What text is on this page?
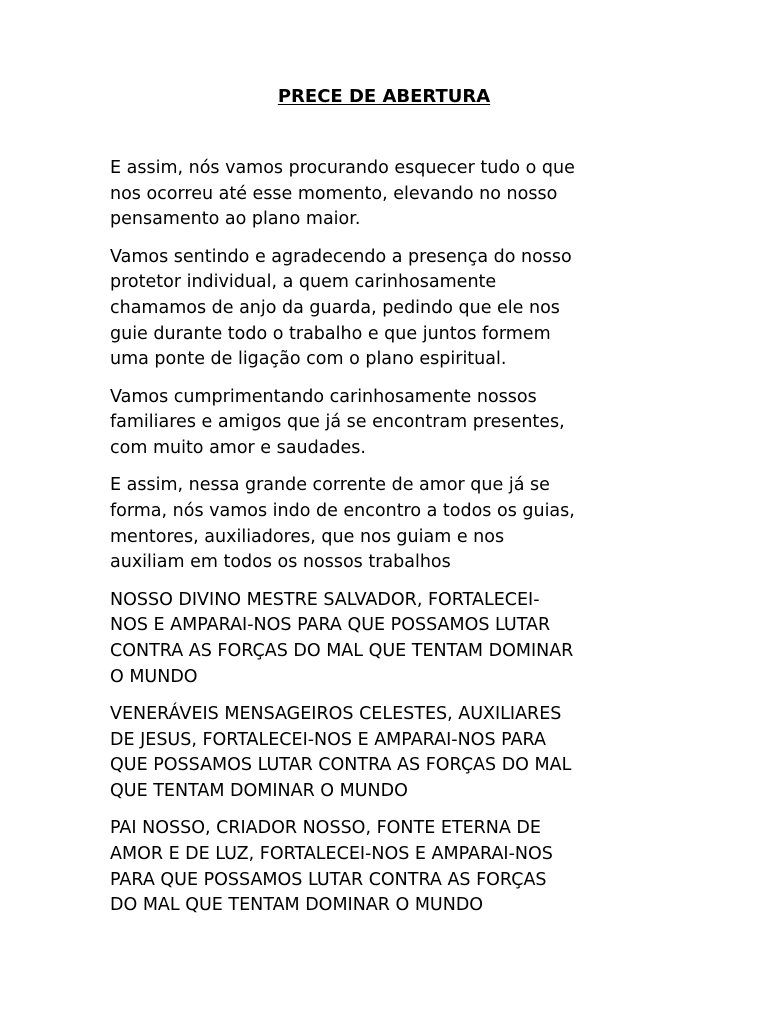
PRECE DE ABERTURA

E assim, nós vamos procurando esquecer tudo o que
nos ocorreu até esse momento, elevando no nosso
pensamento ao plano maior.

Vamos sentindo e agradecendo a presença do nosso
protetor individual, a quem carinhosamente
chamamos de anjo da guarda, pedindo que ele nos
guie durante todo o trabalho e que juntos formem
uma ponte de ligação com o plano espiritual.

Vamos cumprimentando carinhosamente nossos
familiares e amigos que já se encontram presentes,
com muito amor e saudades.

E assim, nessa grande corrente de amor que já se
forma, nós vamos indo de encontro a todos os guias,
mentores, auxiliadores, que nos guiam e nos
auxiliam em todos os nossos trabalhos

NOSSO DIVINO MESTRE SALVADOR, FORTALECEI-
NOS E AMPARAI-NOS PARA QUE POSSAMOS LUTAR
CONTRA AS FORÇAS DO MAL QUE TENTAM DOMINAR
O MUNDO

VENERÁVEIS MENSAGEIROS CELESTES, AUXILIARES
DE JESUS, FORTALECEI-NOS E AMPARAI-NOS PARA
QUE POSSAMOS LUTAR CONTRA AS FORÇAS DO MAL
QUE TENTAM DOMINAR O MUNDO

PAI NOSSO, CRIADOR NOSSO, FONTE ETERNA DE
AMOR E DE LUZ, FORTALECEI-NOS E AMPARAI-NOS
PARA QUE POSSAMOS LUTAR CONTRA AS FORÇAS
DO MAL QUE TENTAM DOMINAR O MUNDO
